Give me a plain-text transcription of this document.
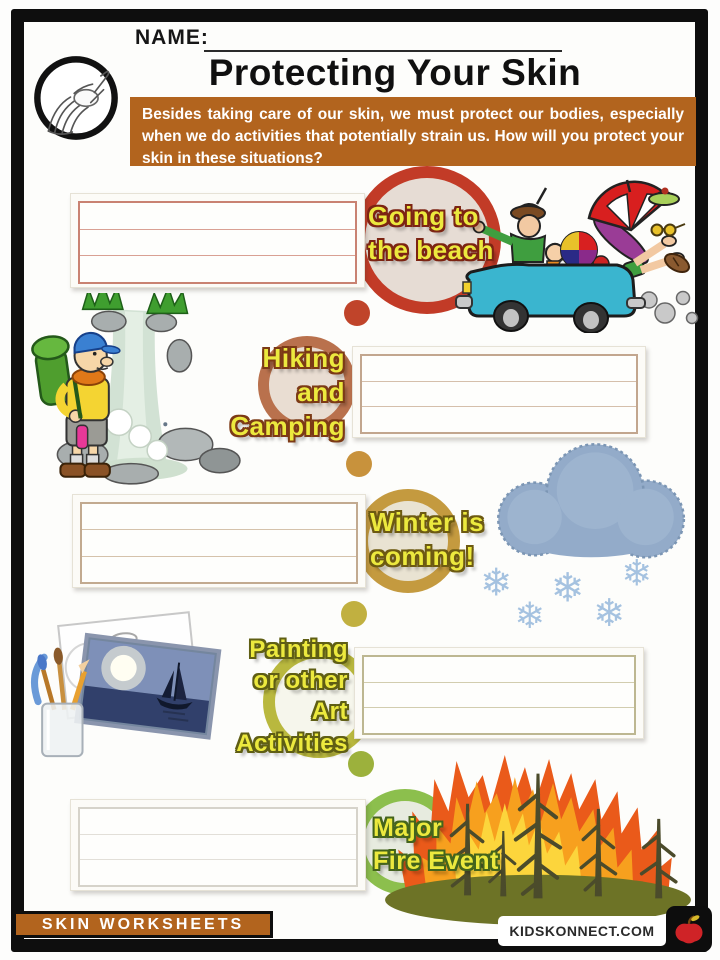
NAME:
Protecting Your Skin
Besides taking care of our skin, we must protect our bodies, especially when we do activities that potentially strain us. How will you protect your skin in these situations?
Going to
the beach
Hiking
and
Camping
Winter is
coming!
Painting
or other
Art
Activities
Major
Fire Event
❄ ❄ ❄
❄ ❄
SKIN WORKSHEETS	KIDSKONNECT.COM
